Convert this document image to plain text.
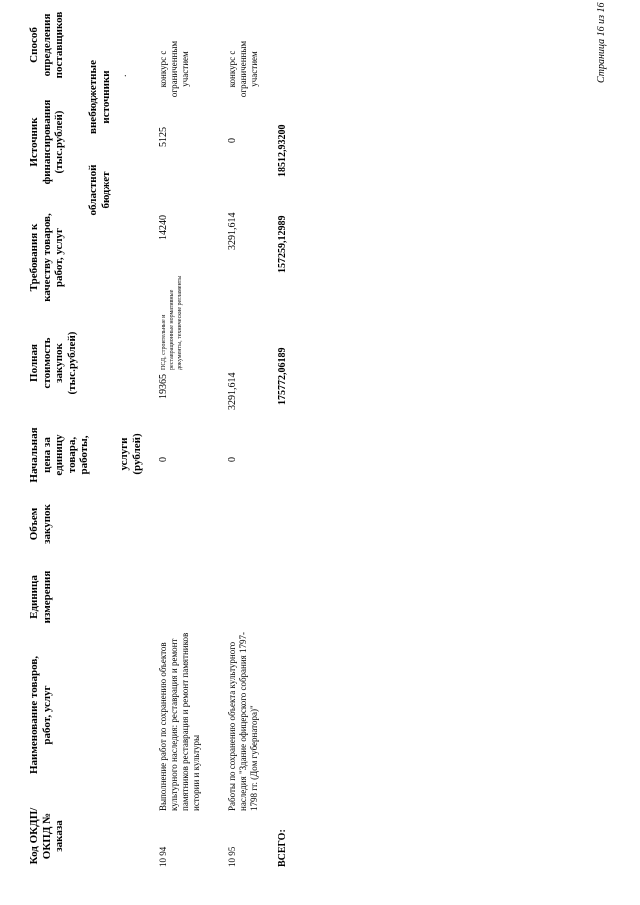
Код ОКДП/ ОКПД № заказа
Наименование товаров, работ, услуг
Единица измерения
Объем закупок
Начальная цена за единицу товара, работы,	услуги (рублей)
Полная стоимость закупок (тыс.рублей)
Требования к качеству товаров, работ, услуг
Источник финансирования (тыс.рублей)
областной бюджет
внебюджетные источники
Способ определения поставщиков	.
10 94
Выполнение работ по сохранению объектов культурного наследия: реставрация и ремонт памятников реставрация и ремонт памятников истории и культуры
0
19365
ПСД, строительные и реставрационные нормативные документы, технические регламенты
14240
5125
конкурс с ограниченным участием
10 95
Работы по сохранению объекта культурного наследия "Здание офицерского собрания 1797-1798 гг. (Дом губернатора)"
0
3291,614
3291,614
0
конкурс с ограниченным участием
ВСЕГО:
175772,06189
157259,12989
18512,93200
Страница 16 из 16
